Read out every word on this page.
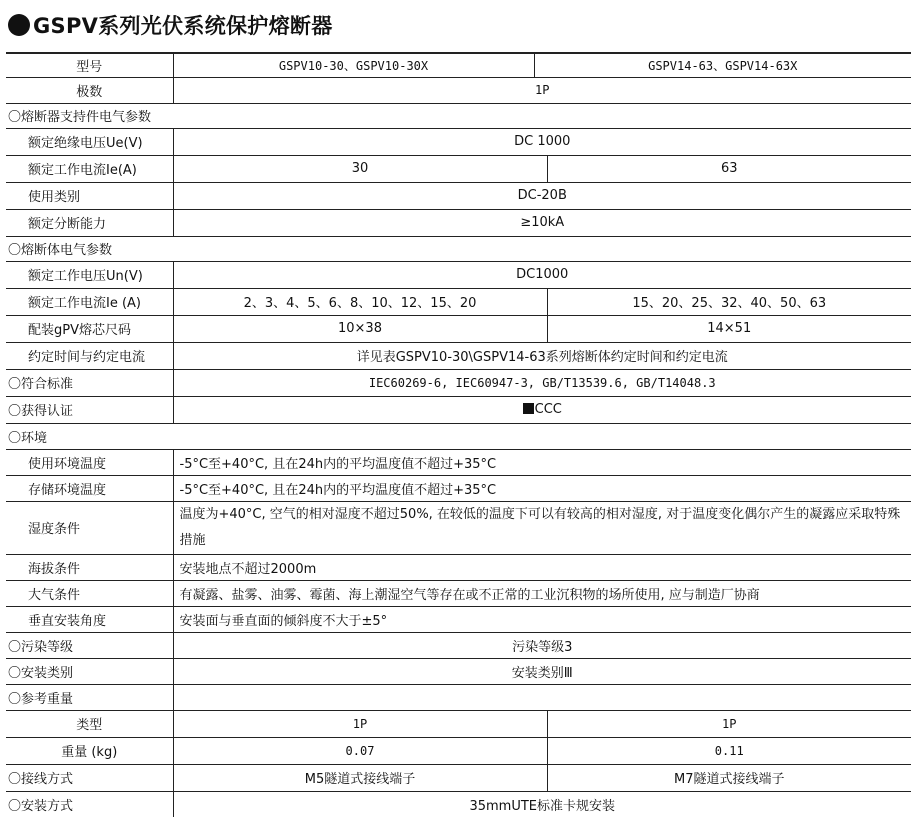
GSPV系列光伏系统保护熔断器
型号	GSPV10-30、GSPV10-30X	GSPV14-63、GSPV14-63X	
极数	1P		
〇熔断器支持件电气参数			
额定绝缘电压Ue(V)	DC 1000		
额定工作电流Ie(A)	30		63
使用类别	DC-20B		
额定分断能力	≥10kA		
〇熔断体电气参数			
额定工作电压Un(V)	DC1000		
额定工作电流Ie (A)	2、3、4、5、6、8、10、12、15、20		15、20、25、32、40、50、63
配装gPV熔芯尺码	10×38		14×51
约定时间与约定电流	详见表GSPV10-30\GSPV14-63系列熔断体约定时间和约定电流		
〇符合标准	IEC60269-6, IEC60947-3, GB/T13539.6, GB/T14048.3		
〇获得认证	CCC		
〇环境			
使用环境温度	-5°C至+40°C, 且在24h内的平均温度值不超过+35°C		
存储环境温度	-5°C至+40°C, 且在24h内的平均温度值不超过+35°C		
湿度条件	温度为+40°C, 空气的相对湿度不超过50%, 在较低的温度下可以有较高的相对湿度, 对于温度变化偶尔产生的凝露应采取特殊措施		
海拔条件	安装地点不超过2000m		
大气条件	有凝露、盐雾、油雾、霉菌、海上潮湿空气等存在或不正常的工业沉积物的场所使用, 应与制造厂协商		
垂直安装角度	安装面与垂直面的倾斜度不大于±5°		
〇污染等级	污染等级3		
〇安装类别	安装类别Ⅲ		
〇参考重量			
类型	1P		1P
重量 (kg)	0.07		0.11
〇接线方式	M5隧道式接线端子		M7隧道式接线端子
〇安装方式	35mmUTE标准卡规安装		
